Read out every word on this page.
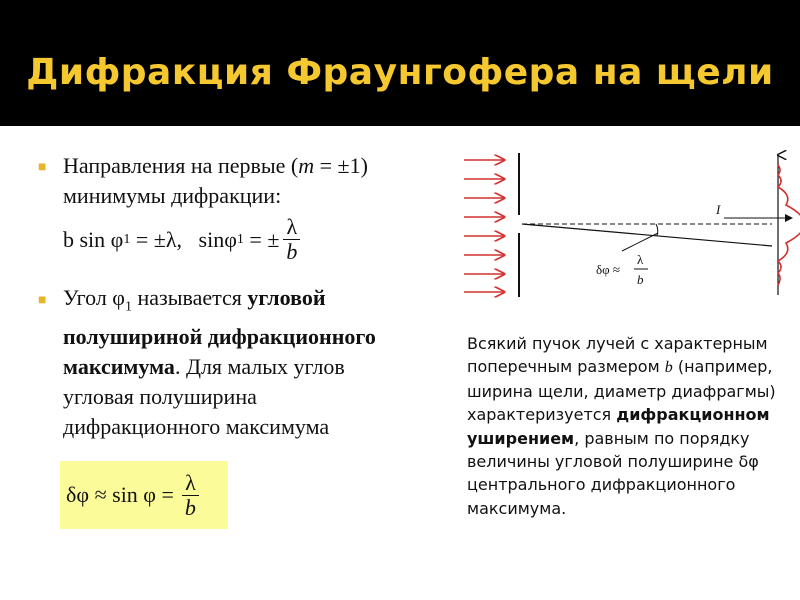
Дифракция Фраунгофера на щели
■ Направления на первые (m = ±1)
минимумы дифракции:
b sin φ 1 = ±λ,   sinφ 1 = ± $\frac{\lambda}{b}$
■ Угол $\varphi_1$ называется угловой
полушириной дифракционного
максимума. Для малых углов
угловая полуширина
дифракционного максимума
$\delta\varphi \approx \sin \varphi = \frac{\lambda}{b}$
I
δφ ≈
λ
b
Всякий пучок лучей с характерным поперечным размером b (например, ширина щели, диаметр диафрагмы) характеризуется дифракционном уширением, равным по порядку величины угловой полуширине δφ центрального дифракционного максимума.
